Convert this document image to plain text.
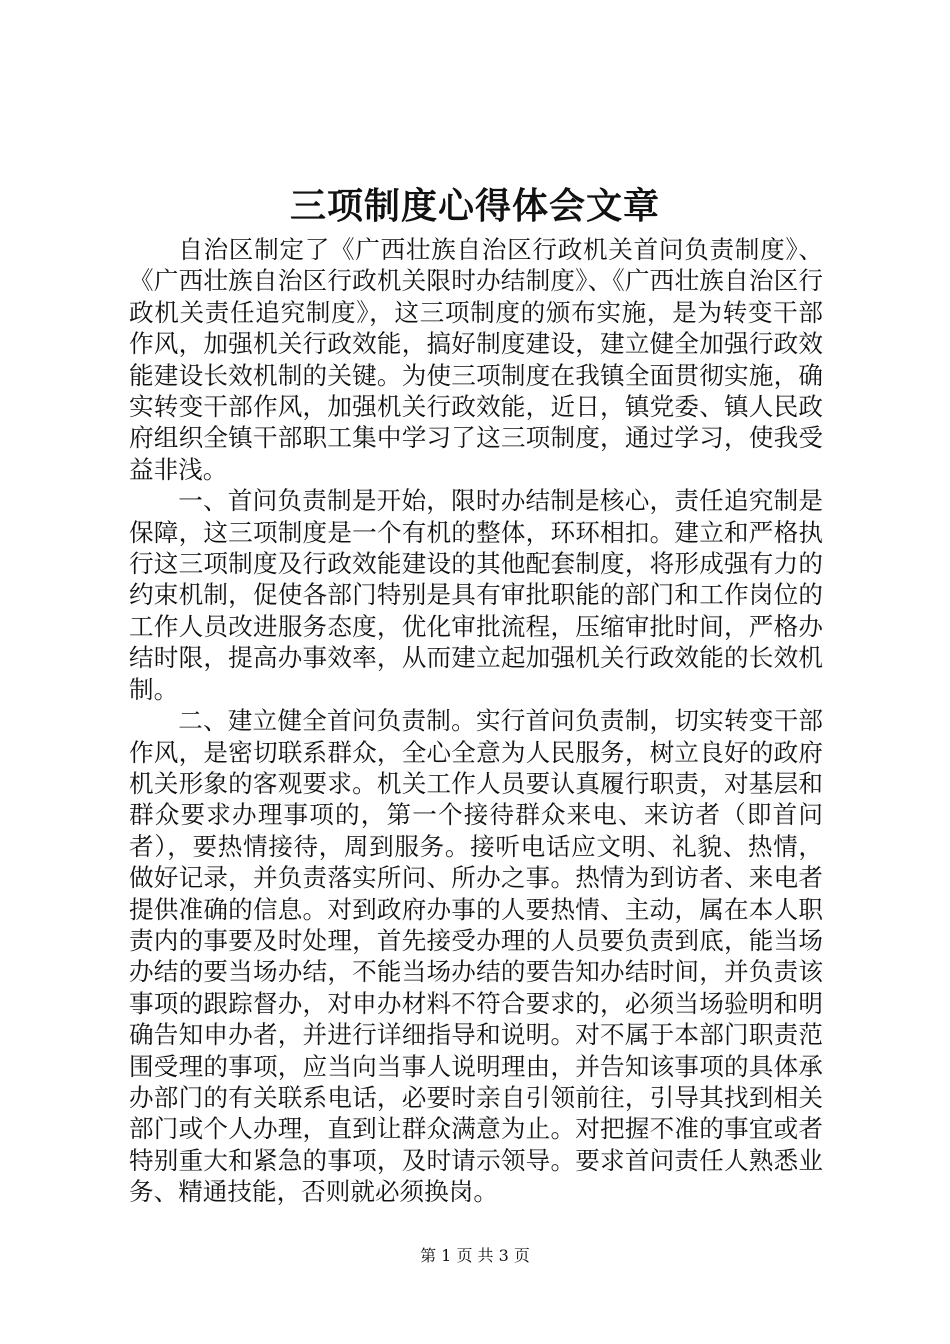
三项制度心得体会文章

自治区制定了《广西壮族自治区行政机关首问负责制度》、《广西壮族自治区行政机关限时办结制度》、《广西壮族自治区行政机关责任追究制度》，这三项制度的颁布实施，是为转变干部作风，加强机关行政效能，搞好制度建设，建立健全加强行政效能建设长效机制的关键。为使三项制度在我镇全面贯彻实施，确实转变干部作风，加强机关行政效能，近日，镇党委、镇人民政府组织全镇干部职工集中学习了这三项制度，通过学习，使我受益非浅。

一、首问负责制是开始，限时办结制是核心，责任追究制是保障，这三项制度是一个有机的整体，环环相扣。建立和严格执行这三项制度及行政效能建设的其他配套制度，将形成强有力的约束机制，促使各部门特别是具有审批职能的部门和工作岗位的工作人员改进服务态度，优化审批流程，压缩审批时间，严格办结时限，提高办事效率，从而建立起加强机关行政效能的长效机制。

二、建立健全首问负责制。实行首问负责制，切实转变干部作风，是密切联系群众，全心全意为人民服务，树立良好的政府机关形象的客观要求。机关工作人员要认真履行职责，对基层和群众要求办理事项的，第一个接待群众来电、来访者（即首问者），要热情接待，周到服务。接听电话应文明、礼貌、热情，做好记录，并负责落实所问、所办之事。热情为到访者、来电者提供准确的信息。对到政府办事的人要热情、主动，属在本人职责内的事要及时处理，首先接受办理的人员要负责到底，能当场办结的要当场办结，不能当场办结的要告知办结时间，并负责该事项的跟踪督办，对申办材料不符合要求的，必须当场验明和明确告知申办者，并进行详细指导和说明。对不属于本部门职责范围受理的事项，应当向当事人说明理由，并告知该事项的具体承办部门的有关联系电话，必要时亲自引领前往，引导其找到相关部门或个人办理，直到让群众满意为止。对把握不准的事宜或者特别重大和紧急的事项，及时请示领导。要求首问责任人熟悉业务、精通技能，否则就必须换岗。

第 1 页 共 3 页
